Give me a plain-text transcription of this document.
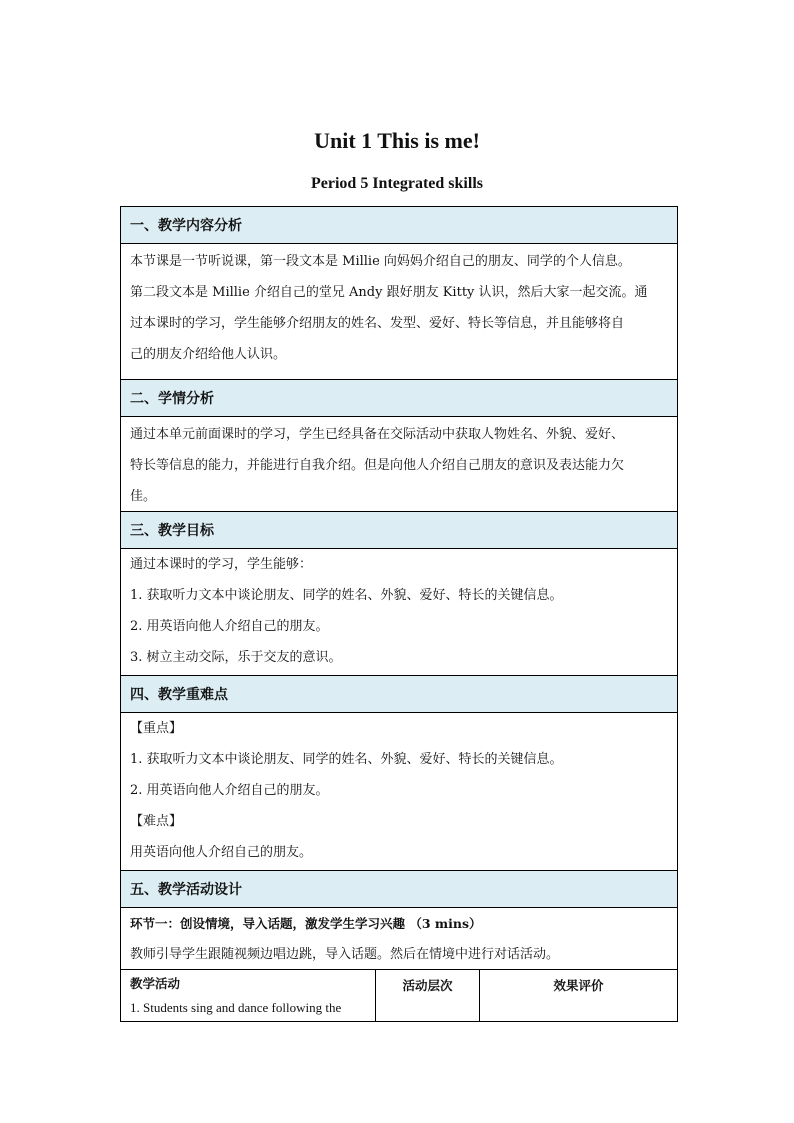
Unit 1 This is me!
Period 5 Integrated skills
一、教学内容分析
本节课是一节听说课，第一段文本是 Millie 向妈妈介绍自己的朋友、同学的个人信息。
第二段文本是 Millie 介绍自己的堂兄 Andy 跟好朋友 Kitty 认识，然后大家一起交流。通
过本课时的学习，学生能够介绍朋友的姓名、发型、爱好、特长等信息，并且能够将自
己的朋友介绍给他人认识。
二、学情分析
通过本单元前面课时的学习，学生已经具备在交际活动中获取人物姓名、外貌、爱好、
特长等信息的能力，并能进行自我介绍。但是向他人介绍自己朋友的意识及表达能力欠
佳。
三、教学目标
通过本课时的学习，学生能够：
1. 获取听力文本中谈论朋友、同学的姓名、外貌、爱好、特长的关键信息。
2. 用英语向他人介绍自己的朋友。
3. 树立主动交际，乐于交友的意识。
四、教学重难点
【重点】
1. 获取听力文本中谈论朋友、同学的姓名、外貌、爱好、特长的关键信息。
2. 用英语向他人介绍自己的朋友。
【难点】
用英语向他人介绍自己的朋友。
五、教学活动设计
环节一：创设情境，导入话题，激发学生学习兴趣 （3 mins）
教师引导学生跟随视频边唱边跳，导入话题。然后在情境中进行对话活动。
教学活动
1. Students sing and dance following the
活动层次	效果评价
